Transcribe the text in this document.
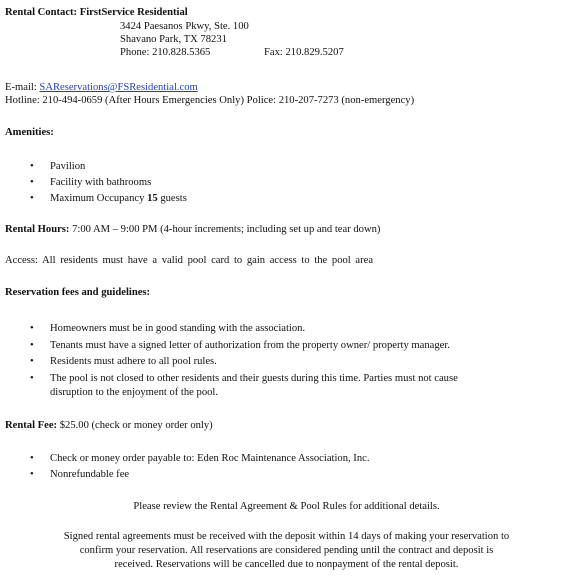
Rental Contact: FirstService Residential
3424 Paesanos Pkwy, Ste. 100
Shavano Park, TX 78231
Phone: 210.828.5365	Fax: 210.829.5207
E-mail: SAReservations@FSResidential.com
Hotline: 210-494-0659 (After Hours Emergencies Only) Police: 210-207-7273 (non-emergency)
Amenities:
• Pavilion
• Facility with bathrooms
• Maximum Occupancy 15 guests
Rental Hours: 7:00 AM – 9:00 PM (4-hour increments; including set up and tear down)
Access: All residents must have a valid pool card to gain access to the pool area
Reservation fees and guidelines:
• Homeowners must be in good standing with the association.
• Tenants must have a signed letter of authorization from the property owner/ property manager.
• Residents must adhere to all pool rules.
• The pool is not closed to other residents and their guests during this time. Parties must not cause
disruption to the enjoyment of the pool.
Rental Fee: $25.00 (check or money order only)
• Check or money order payable to: Eden Roc Maintenance Association, Inc.
• Nonrefundable fee
Please review the Rental Agreement & Pool Rules for additional details.
Signed rental agreements must be received with the deposit within 14 days of making your reservation to
confirm your reservation. All reservations are considered pending until the contract and deposit is
received. Reservations will be cancelled due to nonpayment of the rental deposit.
